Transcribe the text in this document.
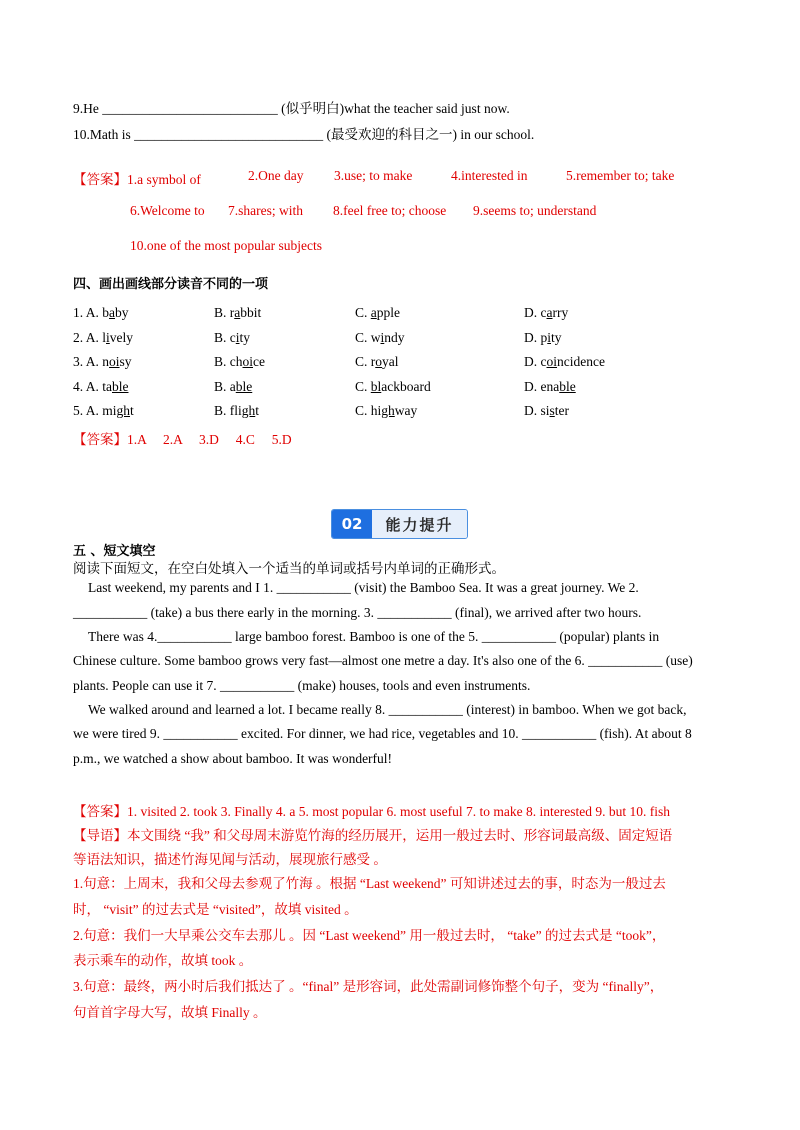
9.He __________________________ (似乎明白)what the teacher said just now.
10.Math is ____________________________ (最受欢迎的科目之一) in our school.
【答案】1.a symbol of	2.One day 3.use; to make	4.interested in	5.remember to; take
6.Welcome to 7.shares; with 8.feel free to; choose 9.seems to; understand
10.one of the most popular subjects
四、画出画线部分读音不同的一项
1. A. baby	B. rabbit	C. apple	D. carry
2. A. lively	B. city	C. windy	D. pity
3. A. noisy	B. choice	C. royal	D. coincidence
4. A. table	B. able	C. blackboard	D. enable
5. A. might	B. flight	C. highway	D. sister
【答案】1.A　 2.A　 3.D　 4.C　 5.D
02	能力提升
五 、短文填空
阅读下面短文，在空白处填入一个适当的单词或括号内单词的正确形式。
Last weekend, my parents and I 1. ___________ (visit) the Bamboo Sea. It was a great journey. We 2.
___________ (take) a bus there early in the morning. 3. ___________ (final), we arrived after two hours.
There was 4.___________ large bamboo forest. Bamboo is one of the 5. ___________ (popular) plants in
Chinese culture. Some bamboo grows very fast—almost one metre a day. It's also one of the 6. ___________ (use)
plants. People can use it 7. ___________ (make) houses, tools and even instruments.
We walked around and learned a lot. I became really 8. ___________ (interest) in bamboo. When we got back,
we were tired 9. ___________ excited. For dinner, we had rice, vegetables and 10. ___________ (fish). At about 8
p.m., we watched a show about bamboo. It was wonderful!
【答案】1. visited 2. took 3. Finally 4. a 5. most popular 6. most useful 7. to make 8. interested 9. but 10. fish
【导语】本文围绕 “我” 和父母周末游览竹海的经历展开，运用一般过去时、形容词最高级、固定短语
等语法知识，描述竹海见闻与活动，展现旅行感受 。
1.句意：上周末，我和父母去参观了竹海 。根据 “Last weekend” 可知讲述过去的事，时态为一般过去
时， “visit” 的过去式是 “visited”，故填 visited 。
2.句意：我们一大早乘公交车去那儿 。因 “Last weekend” 用一般过去时， “take” 的过去式是 “took”，
表示乘车的动作，故填 took 。
3.句意：最终，两小时后我们抵达了 。“final” 是形容词，此处需副词修饰整个句子，变为 “finally”，
句首首字母大写，故填 Finally 。
